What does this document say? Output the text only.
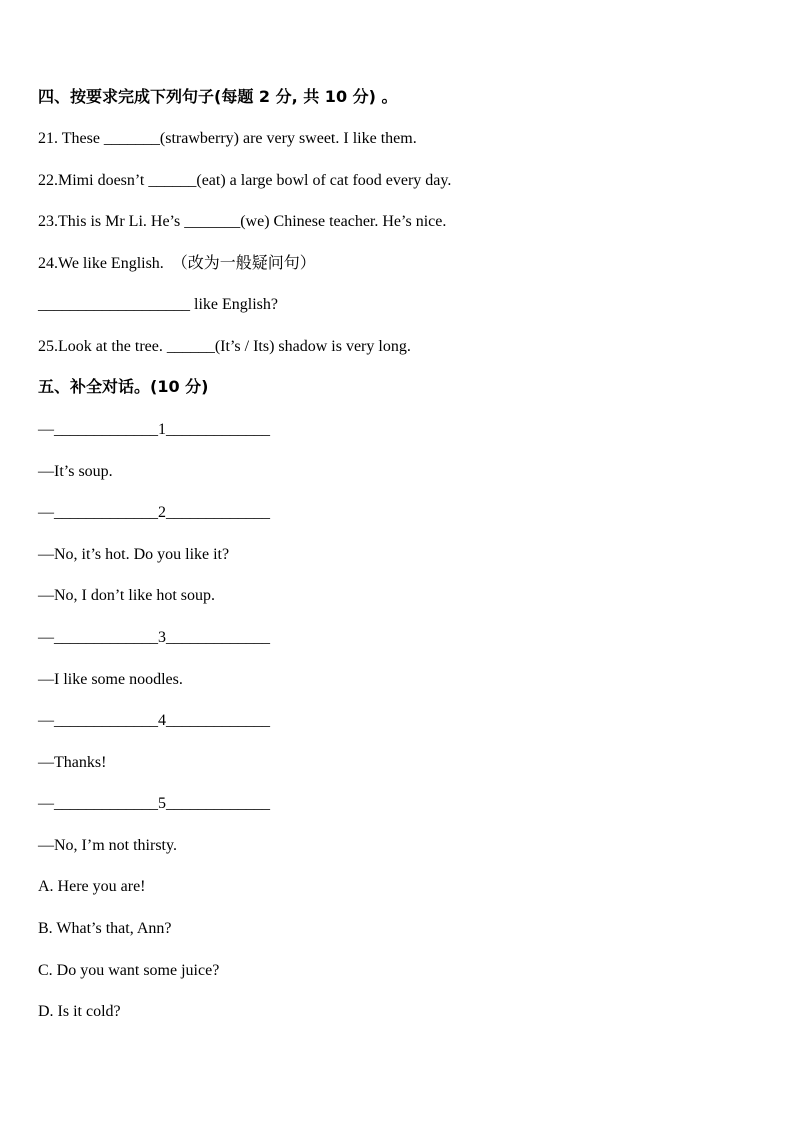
四、按要求完成下列句子(每题 2 分, 共 10 分) 。
21. These _______(strawberry) are very sweet. I like them.
22.Mimi doesn’t ______(eat) a large bowl of cat food every day.
23.This is Mr Li. He’s _______(we) Chinese teacher. He’s nice.
24.We like English.  （改为一般疑问句）
___________________ like English?
25.Look at the tree. ______(It’s / Its) shadow is very long.
五、补全对话。(10 分)
—_____________1_____________
—It’s soup.
—_____________2_____________
—No, it’s hot. Do you like it?
—No, I don’t like hot soup.
—_____________3_____________
—I like some noodles.
—_____________4_____________
—Thanks!
—_____________5_____________
—No, I’m not thirsty.
A. Here you are!
B. What’s that, Ann?
C. Do you want some juice?
D. Is it cold?
